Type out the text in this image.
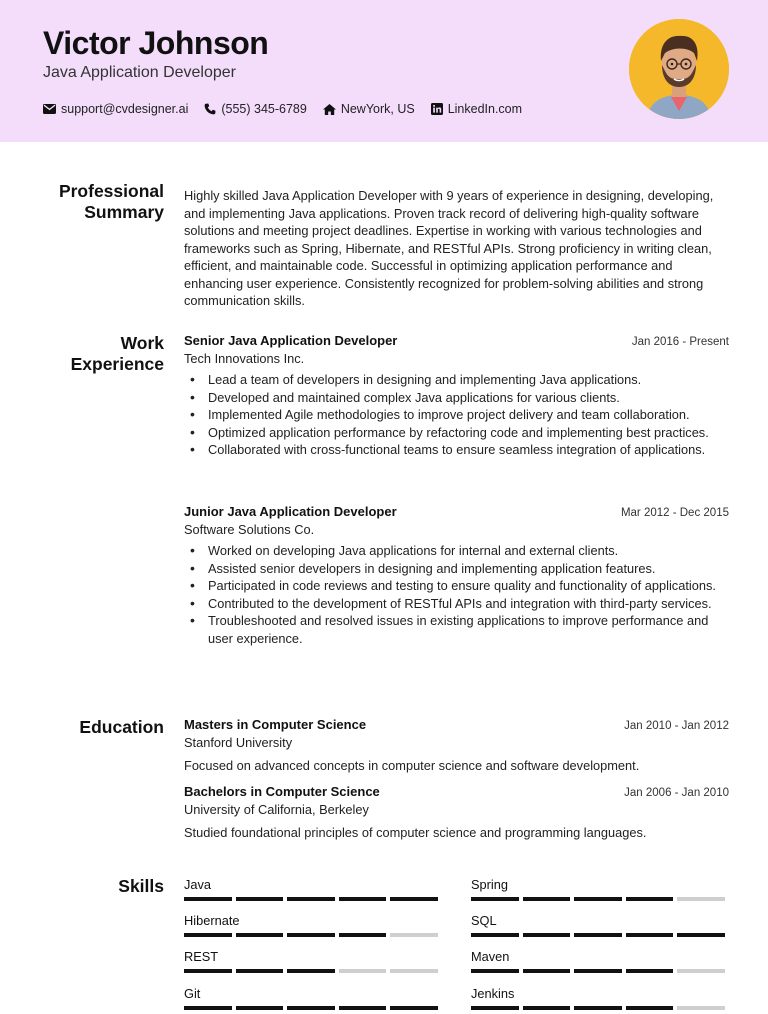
Victor Johnson
Java Application Developer
support@cvdesigner.ai	(555) 345-6789	NewYork, US	LinkedIn.com
Professional
Summary

Highly skilled Java Application Developer with 9 years of experience in designing, developing, and implementing Java applications. Proven track record of delivering high-quality software solutions and meeting project deadlines. Expertise in working with various technologies and frameworks such as Spring, Hibernate, and RESTful APIs. Strong proficiency in writing clean, efficient, and maintainable code. Successful in optimizing application performance and enhancing user experience. Consistently recognized for problem-solving abilities and strong communication skills.

Work
Experience
Senior Java Application Developer	Jan 2016 - Present
Tech Innovations Inc.
• Lead a team of developers in designing and implementing Java applications.
• Developed and maintained complex Java applications for various clients.
• Implemented Agile methodologies to improve project delivery and team collaboration.
• Optimized application performance by refactoring code and implementing best practices.
• Collaborated with cross-functional teams to ensure seamless integration of applications.
Junior Java Application Developer	Mar 2012 - Dec 2015
Software Solutions Co.
• Worked on developing Java applications for internal and external clients.
• Assisted senior developers in designing and implementing application features.
• Participated in code reviews and testing to ensure quality and functionality of applications.
• Contributed to the development of RESTful APIs and integration with third-party services.
• Troubleshooted and resolved issues in existing applications to improve performance and user experience.
Education Masters in Computer Science	Jan 2010 - Jan 2012
Stanford University
Focused on advanced concepts in computer science and software development.
Bachelors in Computer Science	Jan 2006 - Jan 2010
University of California, Berkeley
Studied foundational principles of computer science and programming languages.
Skills Java	Spring
Hibernate	SQL
REST	Maven
Git	Jenkins
